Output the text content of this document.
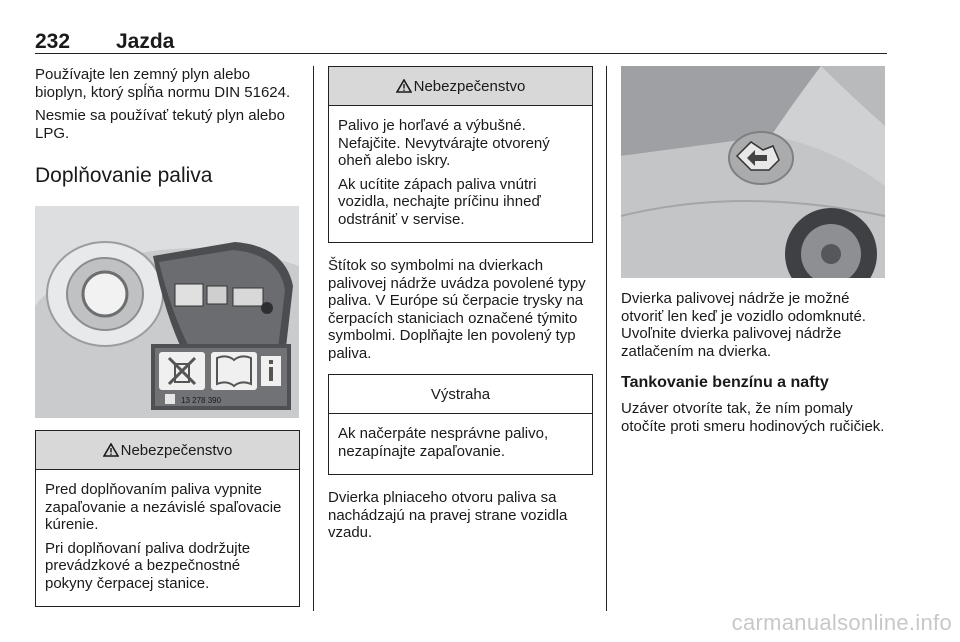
232 Jazda

Používajte len zemný plyn alebo bioplyn, ktorý spĺňa normu DIN 51624.

Nesmie sa používať tekutý plyn alebo LPG.

Doplňovanie paliva
13 278 390
Nebezpečenstvo

Pred doplňovaním paliva vypnite zapaľovanie a nezávislé spaľovacie kúrenie.

Pri doplňovaní paliva dodržujte prevádzkové a bezpečnostné pokyny čerpacej stanice.

Nebezpečenstvo

Palivo je horľavé a výbušné. Nefajčite. Nevytvárajte otvorený oheň alebo iskry.

Ak ucítite zápach paliva vnútri vozidla, nechajte príčinu ihneď odstrániť v servise.

Štítok so symbolmi na dvierkach palivovej nádrže uvádza povolené typy paliva. V Európe sú čerpacie trysky na čerpacích staniciach označené týmito symbolmi. Doplňajte len povolený typ paliva.

Výstraha

Ak načerpáte nesprávne palivo, nezapínajte zapaľovanie.

Dvierka plniaceho otvoru paliva sa nachádzajú na pravej strane vozidla vzadu.

Dvierka palivovej nádrže je možné otvoriť len keď je vozidlo odomknuté. Uvoľnite dvierka palivovej nádrže zatlačením na dvierka.

Tankovanie benzínu a nafty

Uzáver otvoríte tak, že ním pomaly otočíte proti smeru hodinových ručičiek.

carmanualsonline.info
